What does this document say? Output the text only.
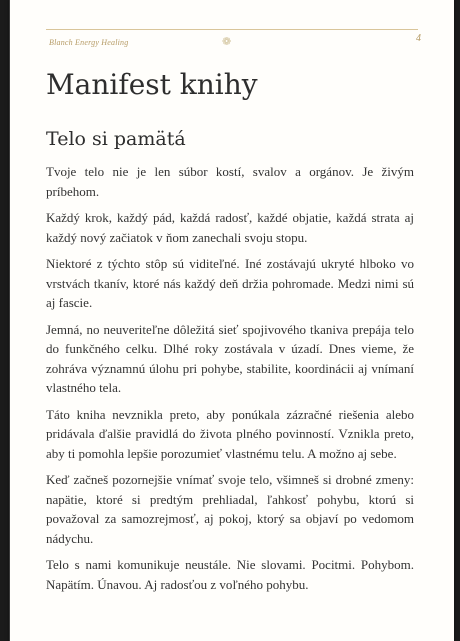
Blanch Energy Healing	❁	4
Manifest knihy
Telo si pamätá

Tvoje telo nie je len súbor kostí, svalov a orgánov. Je živým príbehom.

Každý krok, každý pád, každá radosť, každé objatie, každá strata aj každý nový začiatok v ňom zanechali svoju stopu.

Niektoré z týchto stôp sú viditeľné. Iné zostávajú ukryté hlboko vo vrstvách tkanív, ktoré nás každý deň držia pohromade. Medzi nimi sú aj fascie.

Jemná, no neuveriteľne dôležitá sieť spojivového tkaniva prepája telo do funkčného celku. Dlhé roky zostávala v úzadí. Dnes vieme, že zohráva významnú úlohu pri pohybe, stabilite, koordinácii aj vnímaní vlastného tela.

Táto kniha nevznikla preto, aby ponúkala zázračné riešenia alebo pridávala ďalšie pravidlá do života plného povinností. Vznikla preto, aby ti pomohla lepšie porozumieť vlastnému telu. A možno aj sebe.

Keď začneš pozornejšie vnímať svoje telo, všimneš si drobné zmeny: napätie, ktoré si predtým prehliadal, ľahkosť pohybu, ktorú si považoval za samozrejmosť, aj pokoj, ktorý sa objaví po vedomom nádychu.

Telo s nami komunikuje neustále. Nie slovami. Pocitmi. Pohybom. Napätím. Únavou. Aj radosťou z voľného pohybu.
